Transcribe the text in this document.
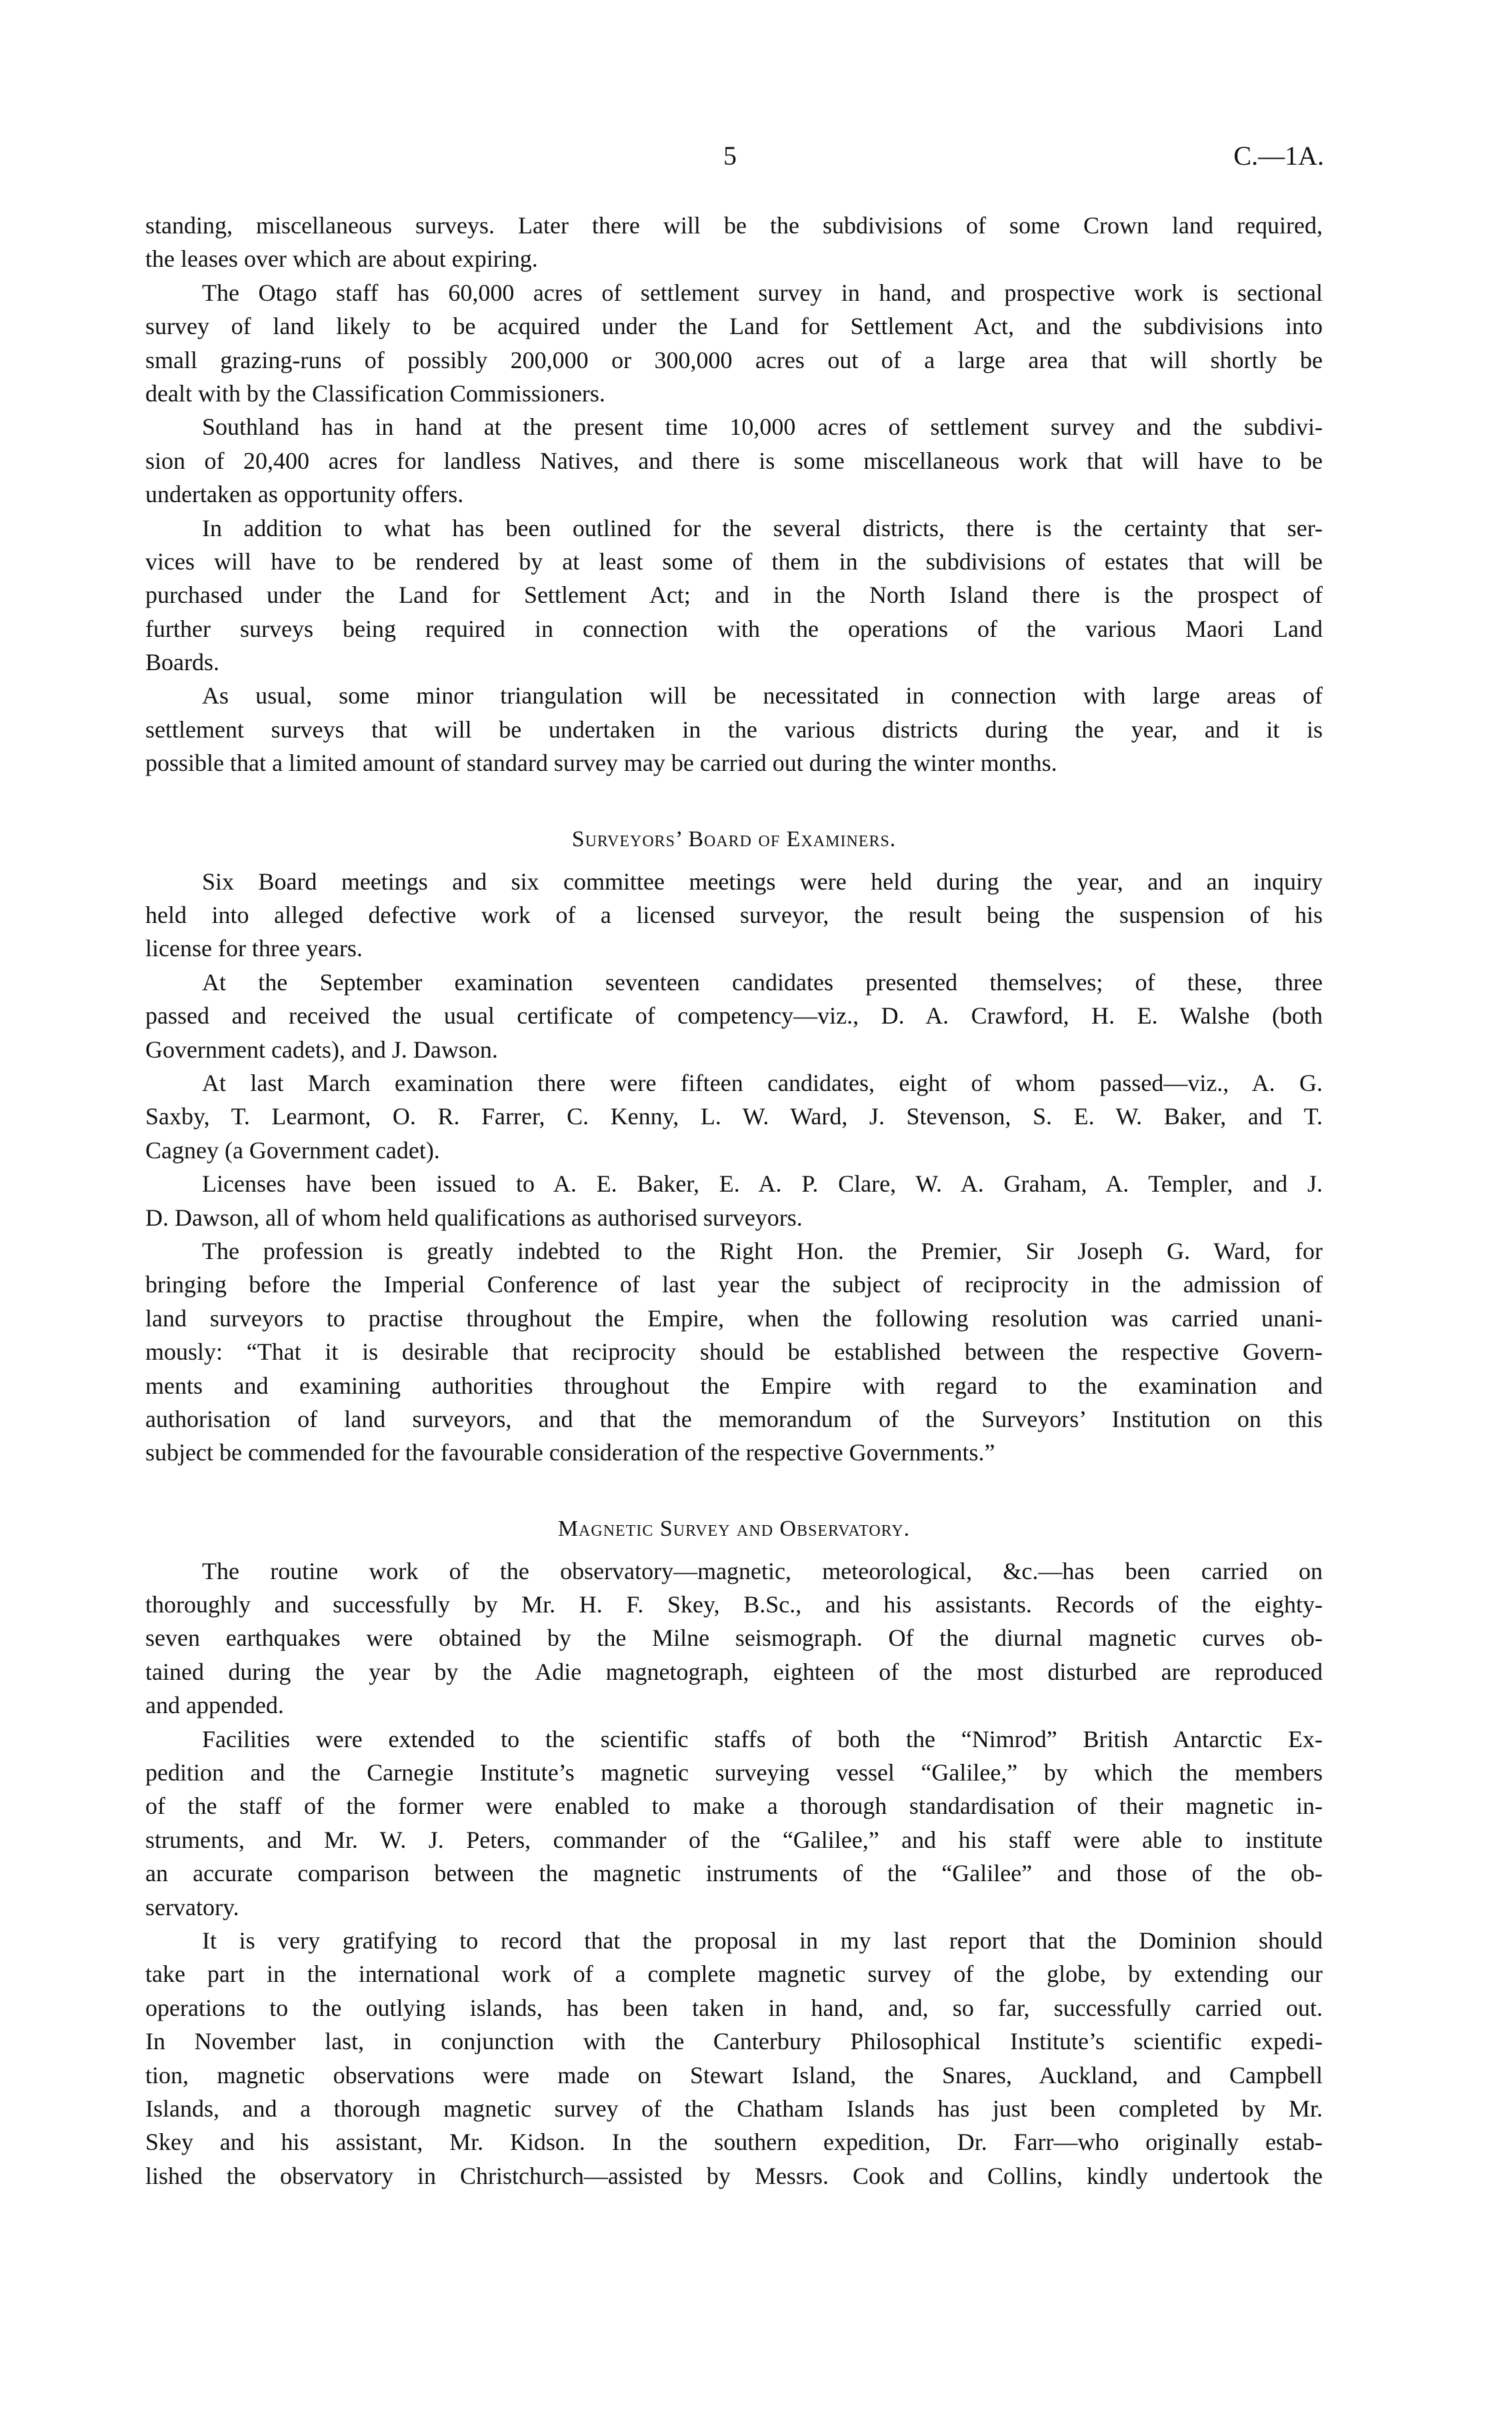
5	C.—1A.
standing, miscellaneous surveys. Later there will be the subdivisions of some Crown land required,
the leases over which are about expiring.
The Otago staff has 60,000 acres of settlement survey in hand, and prospective work is sectional
survey of land likely to be acquired under the Land for Settlement Act, and the subdivisions into
small grazing-runs of possibly 200,000 or 300,000 acres out of a large area that will shortly be
dealt with by the Classification Commissioners.
Southland has in hand at the present time 10,000 acres of settlement survey and the subdivi-
sion of 20,400 acres for landless Natives, and there is some miscellaneous work that will have to be
undertaken as opportunity offers.
In addition to what has been outlined for the several districts, there is the certainty that ser-
vices will have to be rendered by at least some of them in the subdivisions of estates that will be
purchased under the Land for Settlement Act; and in the North Island there is the prospect of
further surveys being required in connection with the operations of the various Maori Land
Boards.
As usual, some minor triangulation will be necessitated in connection with large areas of
settlement surveys that will be undertaken in the various districts during the year, and it is
possible that a limited amount of standard survey may be carried out during the winter months.
Surveyors’ Board of Examiners.
Six Board meetings and six committee meetings were held during the year, and an inquiry
held into alleged defective work of a licensed surveyor, the result being the suspension of his
license for three years.
At the September examination seventeen candidates presented themselves; of these, three
passed and received the usual certificate of competency—viz., D. A. Crawford, H. E. Walshe (both
Government cadets), and J. Dawson.
At last March examination there were fifteen candidates, eight of whom passed—viz., A. G.
Saxby, T. Learmont, O. R. Farrer, C. Kenny, L. W. Ward, J. Stevenson, S. E. W. Baker, and T.
Cagney (a Government cadet).
Licenses have been issued to A. E. Baker, E. A. P. Clare, W. A. Graham, A. Templer, and J.
D. Dawson, all of whom held qualifications as authorised surveyors.
The profession is greatly indebted to the Right Hon. the Premier, Sir Joseph G. Ward, for
bringing before the Imperial Conference of last year the subject of reciprocity in the admission of
land surveyors to practise throughout the Empire, when the following resolution was carried unani-
mously: “That it is desirable that reciprocity should be established between the respective Govern-
ments and examining authorities throughout the Empire with regard to the examination and
authorisation of land surveyors, and that the memorandum of the Surveyors’ Institution on this
subject be commended for the favourable consideration of the respective Governments.”
Magnetic Survey and Observatory.
The routine work of the observatory—magnetic, meteorological, &c.—has been carried on
thoroughly and successfully by Mr. H. F. Skey, B.Sc., and his assistants. Records of the eighty-
seven earthquakes were obtained by the Milne seismograph. Of the diurnal magnetic curves ob-
tained during the year by the Adie magnetograph, eighteen of the most disturbed are reproduced
and appended.
Facilities were extended to the scientific staffs of both the “Nimrod” British Antarctic Ex-
pedition and the Carnegie Institute’s magnetic surveying vessel “Galilee,” by which the members
of the staff of the former were enabled to make a thorough standardisation of their magnetic in-
struments, and Mr. W. J. Peters, commander of the “Galilee,” and his staff were able to institute
an accurate comparison between the magnetic instruments of the “Galilee” and those of the ob-
servatory.
It is very gratifying to record that the proposal in my last report that the Dominion should
take part in the international work of a complete magnetic survey of the globe, by extending our
operations to the outlying islands, has been taken in hand, and, so far, successfully carried out.
In November last, in conjunction with the Canterbury Philosophical Institute’s scientific expedi-
tion, magnetic observations were made on Stewart Island, the Snares, Auckland, and Campbell
Islands, and a thorough magnetic survey of the Chatham Islands has just been completed by Mr.
Skey and his assistant, Mr. Kidson. In the southern expedition, Dr. Farr—who originally estab-
lished the observatory in Christchurch—assisted by Messrs. Cook and Collins, kindly undertook the
